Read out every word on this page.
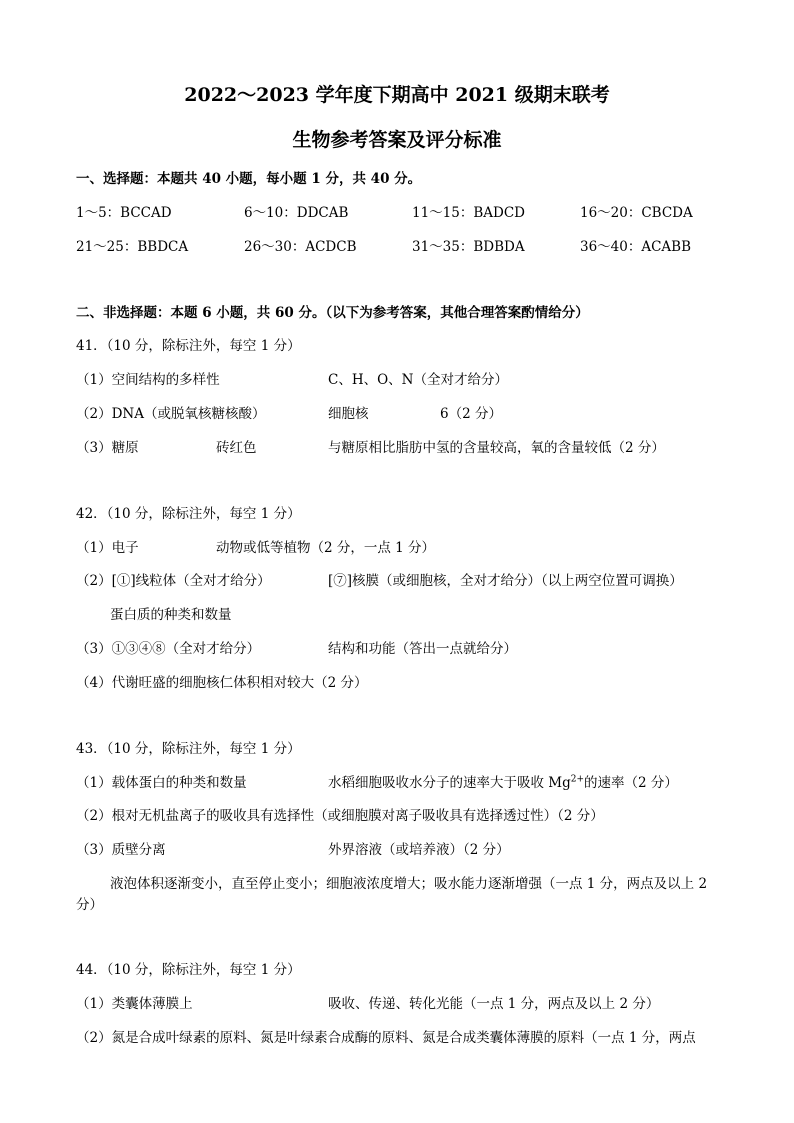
2022～2023 学年度下期高中 2021 级期末联考
生物参考答案及评分标准
一、选择题：本题共 40 小题，每小题 1 分，共 40 分。
1～5：BCCAD	6～10：DDCAB	11～15：BADCD	16～20：CBCDA
21～25：BBDCA	26～30：ACDCB	31～35：BDBDA	36～40：ACABB
二、非选择题：本题 6 小题，共 60 分。（以下为参考答案，其他合理答案酌情给分）
41．（10 分，除标注外，每空 1 分）
（1）空间结构的多样性	C、H、O、N（全对才给分）
（2）DNA（或脱氧核糖核酸）	细胞核	6（2 分）
（3）糖原	砖红色	与糖原相比脂肪中氢的含量较高，氧的含量较低（2 分）
42．（10 分，除标注外，每空 1 分）
（1）电子	动物或低等植物（2 分，一点 1 分）
（2）[①]线粒体（全对才给分）	[⑦]核膜（或细胞核，全对才给分）（以上两空位置可调换）
蛋白质的种类和数量
（3）①③④⑧（全对才给分）	结构和功能（答出一点就给分）
（4）代谢旺盛的细胞核仁体积相对较大（2 分）
43．（10 分，除标注外，每空 1 分）
（1）载体蛋白的种类和数量	水稻细胞吸收水分子的速率大于吸收 $Mg^{2+}$的速率（2 分）
（2）根对无机盐离子的吸收具有选择性（或细胞膜对离子吸收具有选择透过性）（2 分）
（3）质壁分离	外界溶液（或培养液）（2 分）
液泡体积逐渐变小，直至停止变小；细胞液浓度增大；吸水能力逐渐增强（一点 1 分，两点及以上 2
分）
44．（10 分，除标注外，每空 1 分）
（1）类囊体薄膜上	吸收、传递、转化光能（一点 1 分，两点及以上 2 分）
（2）氮是合成叶绿素的原料、氮是叶绿素合成酶的原料、氮是合成类囊体薄膜的原料（一点 1 分，两点
